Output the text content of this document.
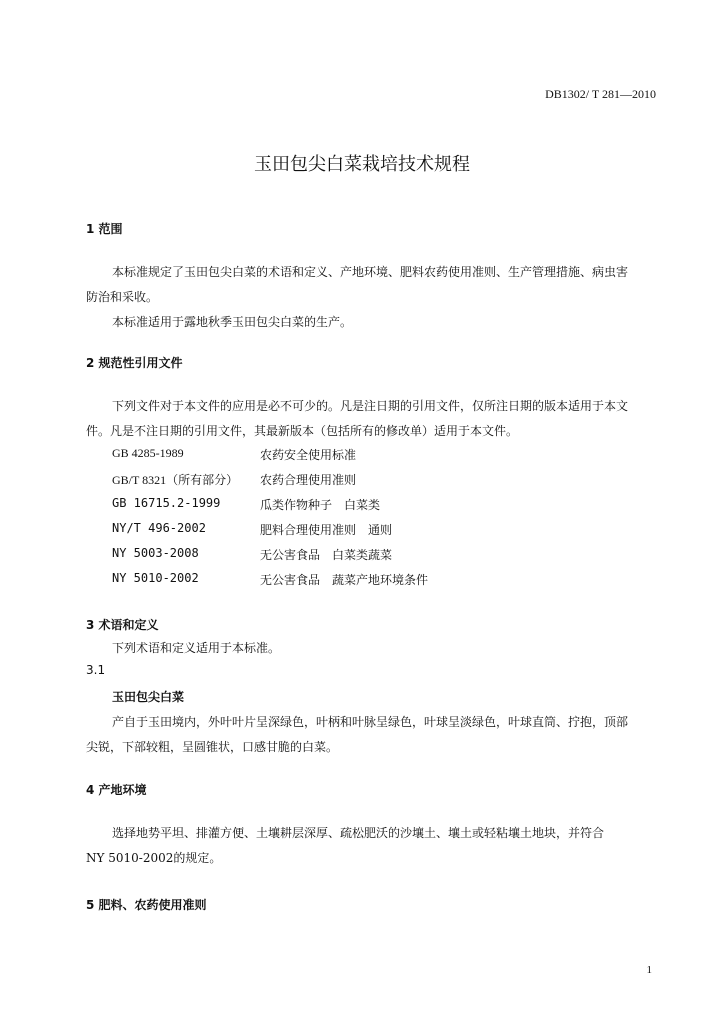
DB1302/ T 281—2010
玉田包尖白菜栽培技术规程
1 范围
本标准规定了玉田包尖白菜的术语和定义、产地环境、肥料农药使用准则、生产管理措施、病虫害
防治和采收。
本标准适用于露地秋季玉田包尖白菜的生产。
2 规范性引用文件
下列文件对于本文件的应用是必不可少的。凡是注日期的引用文件，仅所注日期的版本适用于本文
件。凡是不注日期的引用文件，其最新版本（包括所有的修改单）适用于本文件。
GB 4285-1989	农药安全使用标准
GB/T 8321（所有部分） 农药合理使用准则
GB 16715.2-1999	瓜类作物种子　白菜类
NY/T 496-2002	肥料合理使用准则　通则
NY 5003-2008	无公害食品　白菜类蔬菜
NY 5010-2002	无公害食品　蔬菜产地环境条件
3 术语和定义
下列术语和定义适用于本标准。
3.1
玉田包尖白菜
产自于玉田境内，外叶叶片呈深绿色，叶柄和叶脉呈绿色，叶球呈淡绿色，叶球直筒、拧抱，顶部
尖锐，下部较粗，呈圆锥状，口感甘脆的白菜。
4 产地环境
选择地势平坦、排灌方便、土壤耕层深厚、疏松肥沃的沙壤土、壤土或轻粘壤土地块，并符合
NY 5010-2002的规定。
5 肥料、农药使用准则
1
